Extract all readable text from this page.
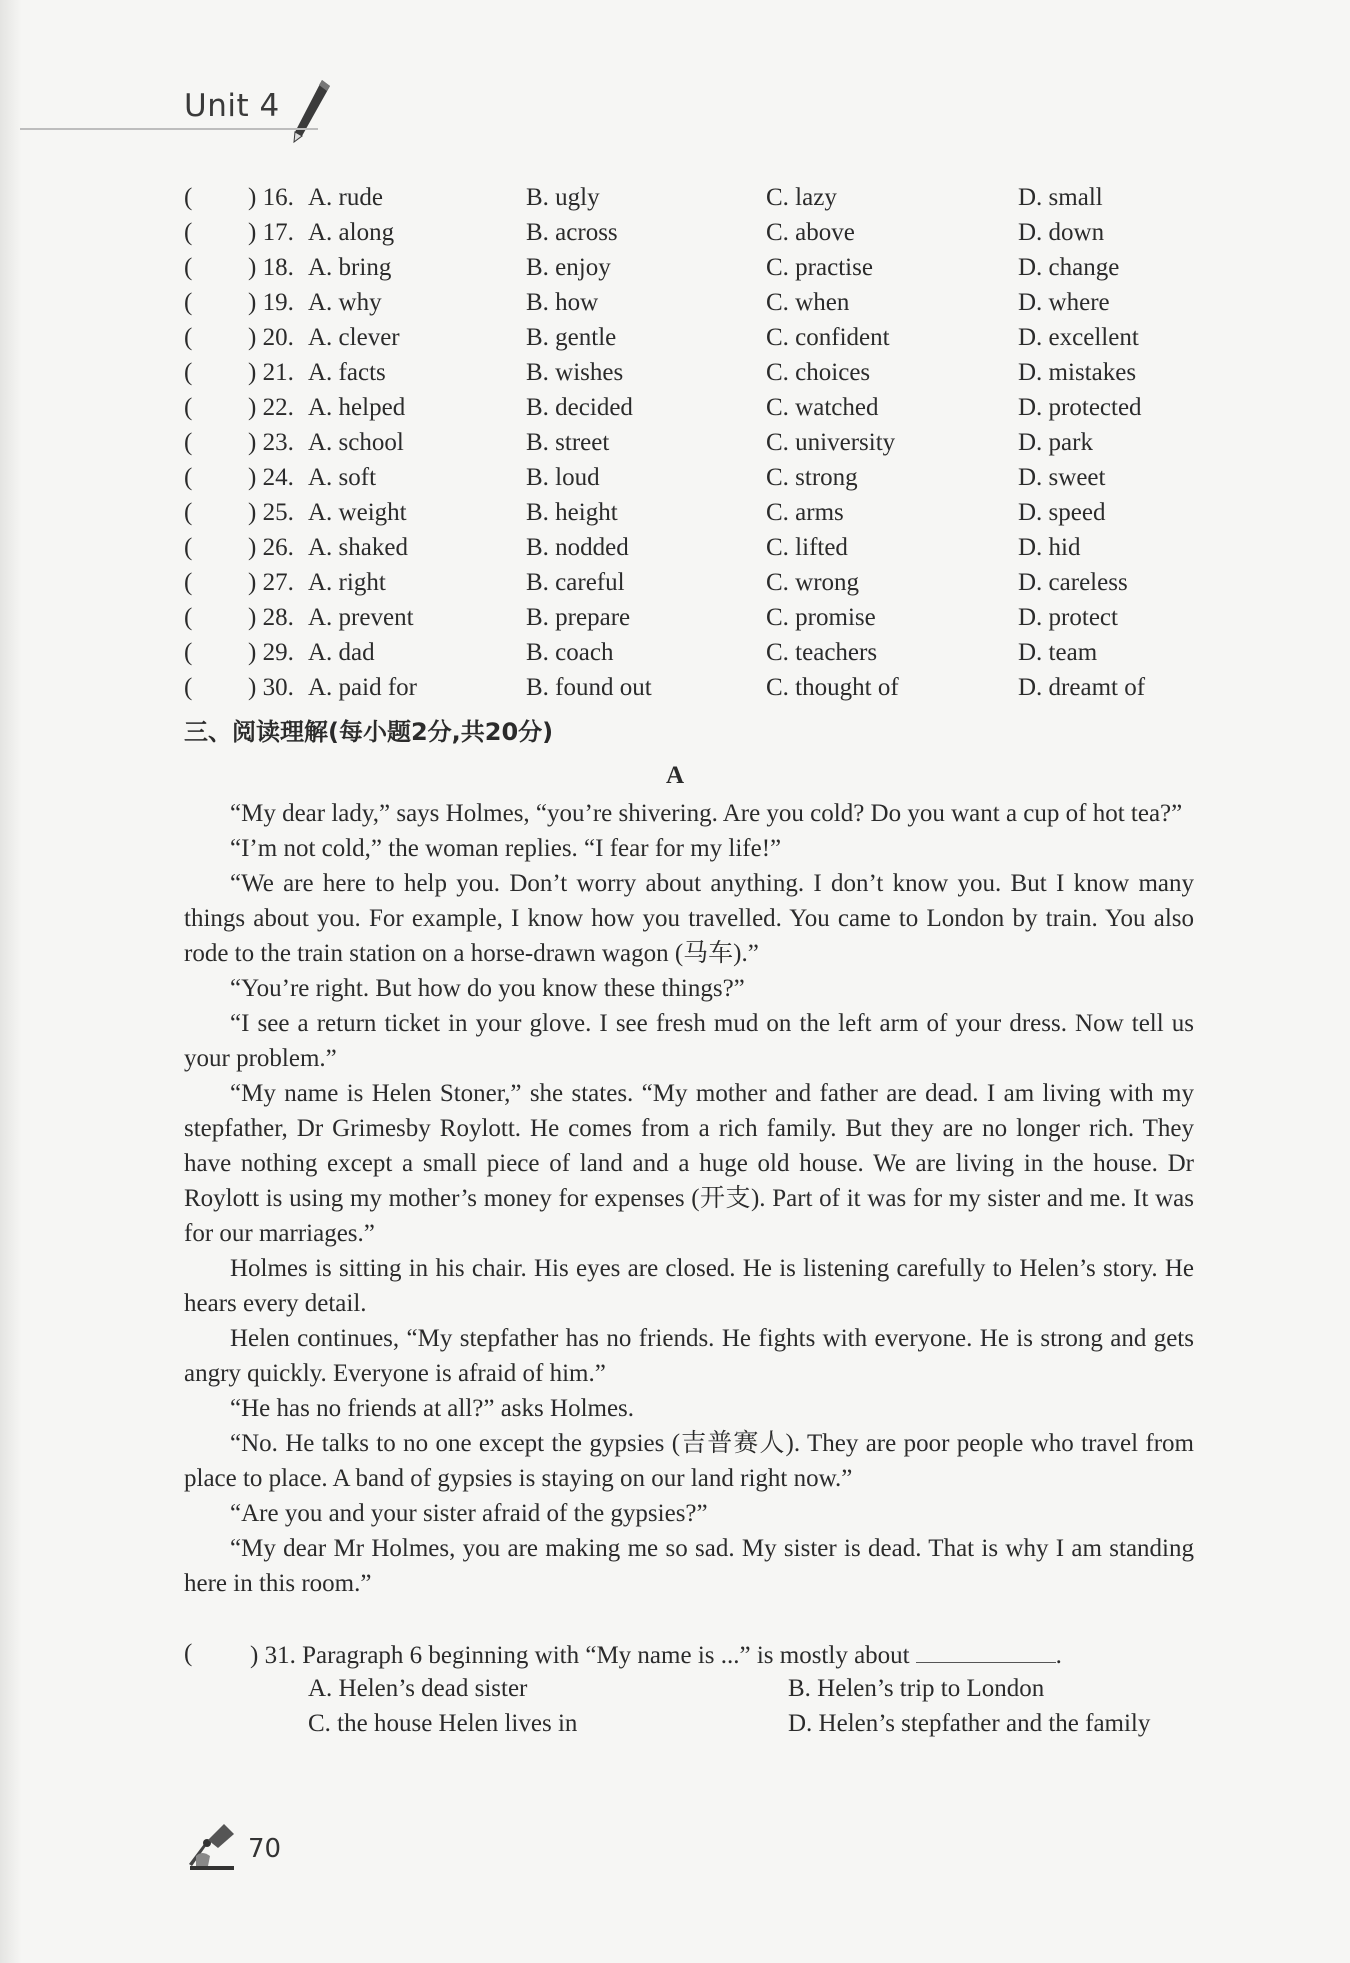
Unit 4
( ) 16. A. rude	B. ugly	C. lazy	D. small
( ) 17. A. along	B. across	C. above	D. down
( ) 18. A. bring	B. enjoy	C. practise	D. change
( ) 19. A. why	B. how	C. when	D. where
( ) 20. A. clever	B. gentle	C. confident	D. excellent
( ) 21. A. facts	B. wishes	C. choices	D. mistakes
( ) 22. A. helped	B. decided	C. watched	D. protected
( ) 23. A. school	B. street	C. university	D. park
( ) 24. A. soft	B. loud	C. strong	D. sweet
( ) 25. A. weight	B. height	C. arms	D. speed
( ) 26. A. shaked	B. nodded	C. lifted	D. hid
( ) 27. A. right	B. careful	C. wrong	D. careless
( ) 28. A. prevent	B. prepare	C. promise	D. protect
( ) 29. A. dad	B. coach	C. teachers	D. team
( ) 30. A. paid for	B. found out	C. thought of	D. dreamt of
三、阅读理解(每小题2分,共20分)
A

“My dear lady,” says Holmes, “you’re shivering. Are you cold? Do you want a cup of hot tea?”

“I’m not cold,” the woman replies. “I fear for my life!”

“We are here to help you. Don’t worry about anything. I don’t know you. But I know many things about you. For example, I know how you travelled. You came to London by train. You also rode to the train station on a horse-drawn wagon (马车).”

“You’re right. But how do you know these things?”

“I see a return ticket in your glove. I see fresh mud on the left arm of your dress. Now tell us your problem.”

“My name is Helen Stoner,” she states. “My mother and father are dead. I am living with my stepfather, Dr Grimesby Roylott. He comes from a rich family. But they are no longer rich. They have nothing except a small piece of land and a huge old house. We are living in the house. Dr Roylott is using my mother’s money for expenses (开支). Part of it was for my sister and me. It was for our marriages.”

Holmes is sitting in his chair. His eyes are closed. He is listening carefully to Helen’s story. He hears every detail.

Helen continues, “My stepfather has no friends. He fights with everyone. He is strong and gets angry quickly. Everyone is afraid of him.”

“He has no friends at all?” asks Holmes.

“No. He talks to no one except the gypsies (吉普赛人). They are poor people who travel from place to place. A band of gypsies is staying on our land right now.”

“Are you and your sister afraid of the gypsies?”

“My dear Mr Holmes, you are making me so sad. My sister is dead. That is why I am standing here in this room.”

( ) 31. Paragraph 6 beginning with “My name is ...” is mostly about	.
A. Helen’s dead sister	B. Helen’s trip to London
C. the house Helen lives in	D. Helen’s stepfather and the family
70
